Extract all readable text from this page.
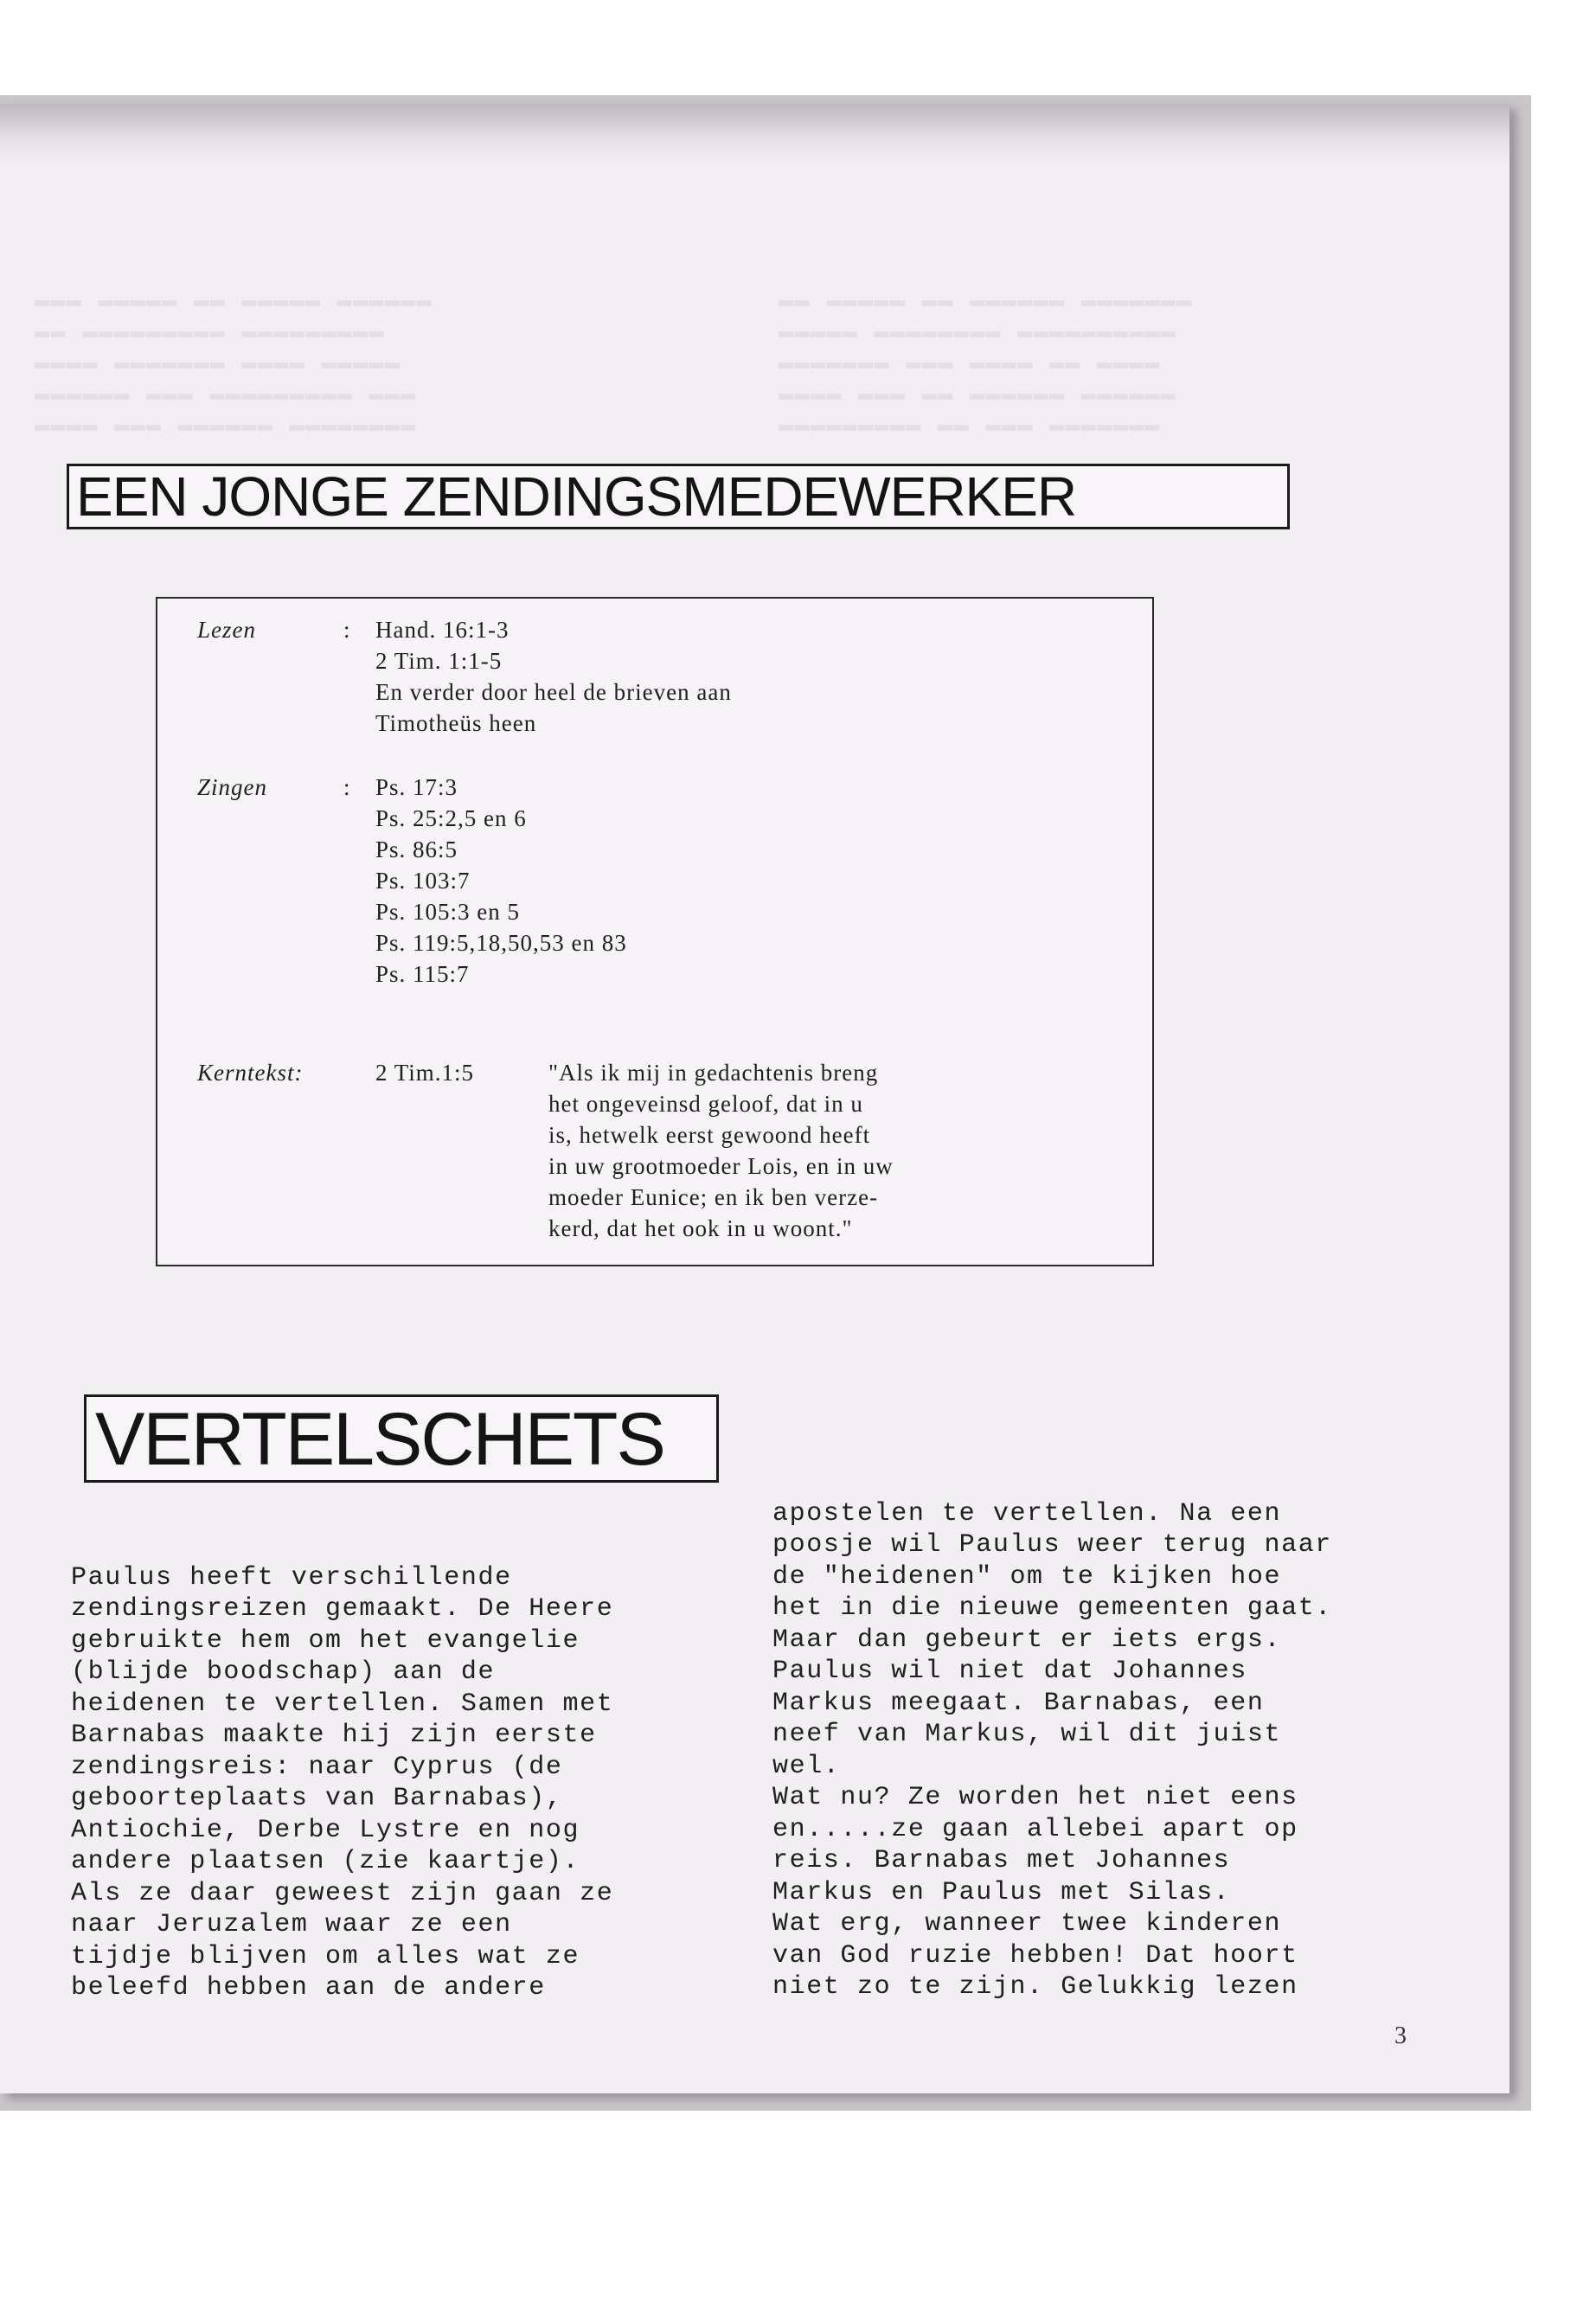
▬▬▬ ▬▬▬▬▬ ▬▬ ▬▬▬▬▬ ▬▬▬▬▬▬
▬▬ ▬▬▬▬▬▬▬▬▬ ▬▬▬▬▬▬▬▬▬
▬▬▬▬ ▬▬▬▬▬▬▬ ▬▬▬▬ ▬▬▬▬▬
▬▬▬▬▬▬ ▬▬▬ ▬▬▬▬▬▬▬▬▬ ▬▬▬
▬▬▬▬ ▬▬▬ ▬▬▬▬▬▬ ▬▬▬▬▬▬▬▬
▬▬ ▬▬▬▬▬ ▬▬ ▬▬▬▬▬▬ ▬▬▬▬▬▬▬
▬▬▬▬▬ ▬▬▬▬▬▬▬▬ ▬▬▬▬▬▬▬▬▬▬
▬▬▬▬▬▬▬ ▬▬▬ ▬▬▬▬ ▬▬ ▬▬▬▬
▬▬▬▬ ▬▬▬ ▬▬ ▬▬▬▬▬▬ ▬▬▬▬▬▬
▬▬▬▬▬▬▬▬▬ ▬▬ ▬▬▬ ▬▬▬▬▬▬▬
EEN JONGE ZENDINGSMEDEWERKER
Lezen	: Hand. 16:1-3
2 Tim. 1:1-5
En verder door heel de brieven aan
Timotheüs heen
Zingen	: Ps. 17:3
Ps. 25:2,5 en 6
Ps. 86:5
Ps. 103:7
Ps. 105:3 en 5
Ps. 119:5,18,50,53 en 83
Ps. 115:7
Kerntekst:	2 Tim.1:5	"Als ik mij in gedachtenis breng
het ongeveinsd geloof, dat in u
is, hetwelk eerst gewoond heeft
in uw grootmoeder Lois, en in uw
moeder Eunice; en ik ben verze-
kerd, dat het ook in u woont."
VERTELSCHETS
Paulus heeft verschillende
zendingsreizen gemaakt. De Heere
gebruikte hem om het evangelie
(blijde boodschap) aan de
heidenen te vertellen. Samen met
Barnabas maakte hij zijn eerste
zendingsreis: naar Cyprus (de
geboorteplaats van Barnabas),
Antiochie, Derbe Lystre en nog
andere plaatsen (zie kaartje).
Als ze daar geweest zijn gaan ze
naar Jeruzalem waar ze een
tijdje blijven om alles wat ze
beleefd hebben aan de andere
apostelen te vertellen. Na een
poosje wil Paulus weer terug naar
de "heidenen" om te kijken hoe
het in die nieuwe gemeenten gaat.
Maar dan gebeurt er iets ergs.
Paulus wil niet dat Johannes
Markus meegaat. Barnabas, een
neef van Markus, wil dit juist
wel.
Wat nu? Ze worden het niet eens
en.....ze gaan allebei apart op
reis. Barnabas met Johannes
Markus en Paulus met Silas.
Wat erg, wanneer twee kinderen
van God ruzie hebben! Dat hoort
niet zo te zijn. Gelukkig lezen
3
